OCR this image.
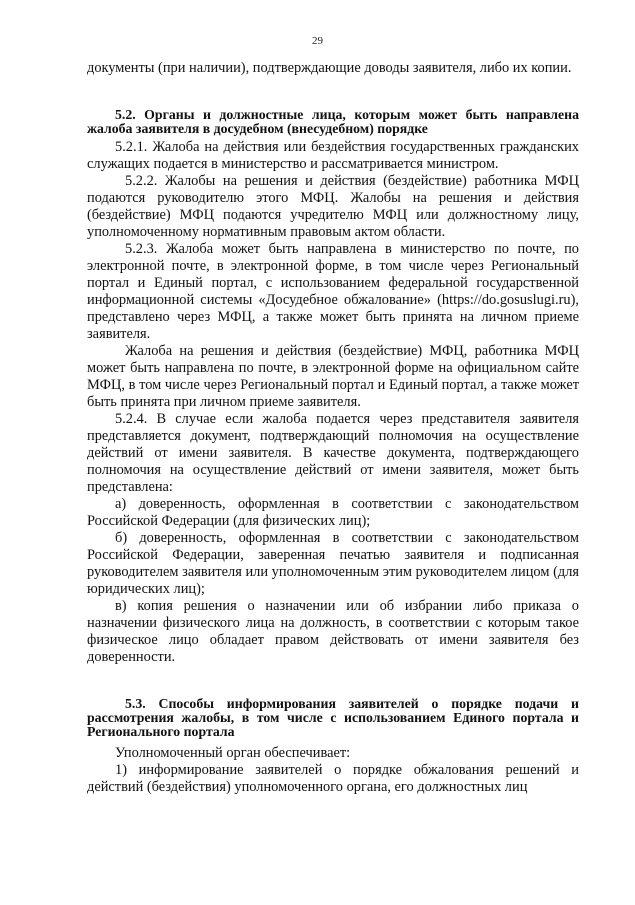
29

документы (при наличии), подтверждающие доводы заявителя, либо их копии.

5.2. Органы и должностные лица, которым может быть направлена жалоба заявителя в досудебном (внесудебном) порядке

5.2.1. Жалоба на действия или бездействия государственных гражданских служащих подается в министерство и рассматривается министром.

5.2.2. Жалобы на решения и действия (бездействие) работника МФЦ подаются руководителю этого МФЦ. Жалобы на решения и действия (бездействие) МФЦ подаются учредителю МФЦ или должностному лицу, уполномоченному нормативным правовым актом области.

5.2.3. Жалоба может быть направлена в министерство по почте, по электронной почте, в электронной форме, в том числе через Региональный портал и Единый портал, с использованием федеральной государственной информационной системы «Досудебное обжалование» (https://do.gosuslugi.ru), представлено через МФЦ, а также может быть принята на личном приеме заявителя.

Жалоба на решения и действия (бездействие) МФЦ, работника МФЦ может быть направлена по почте, в электронной форме на официальном сайте МФЦ, в том числе через Региональный портал и Единый портал, а также может быть принята при личном приеме заявителя.

5.2.4. В случае если жалоба подается через представителя заявителя представляется документ, подтверждающий полномочия на осуществление действий от имени заявителя. В качестве документа, подтверждающего полномочия на осуществление действий от имени заявителя, может быть представлена:

а) доверенность, оформленная в соответствии с законодательством Российской Федерации (для физических лиц);

б) доверенность, оформленная в соответствии с законодательством Российской Федерации, заверенная печатью заявителя и подписанная руководителем заявителя или уполномоченным этим руководителем лицом (для юридических лиц);

в) копия решения о назначении или об избрании либо приказа о назначении физического лица на должность, в соответствии с которым такое физическое лицо обладает правом действовать от имени заявителя без доверенности.

5.3. Способы информирования заявителей о порядке подачи и рассмотрения жалобы, в том числе с использованием Единого портала и Регионального портала

Уполномоченный орган обеспечивает:

1) информирование заявителей о порядке обжалования решений и действий (бездействия) уполномоченного органа, его должностных лиц
